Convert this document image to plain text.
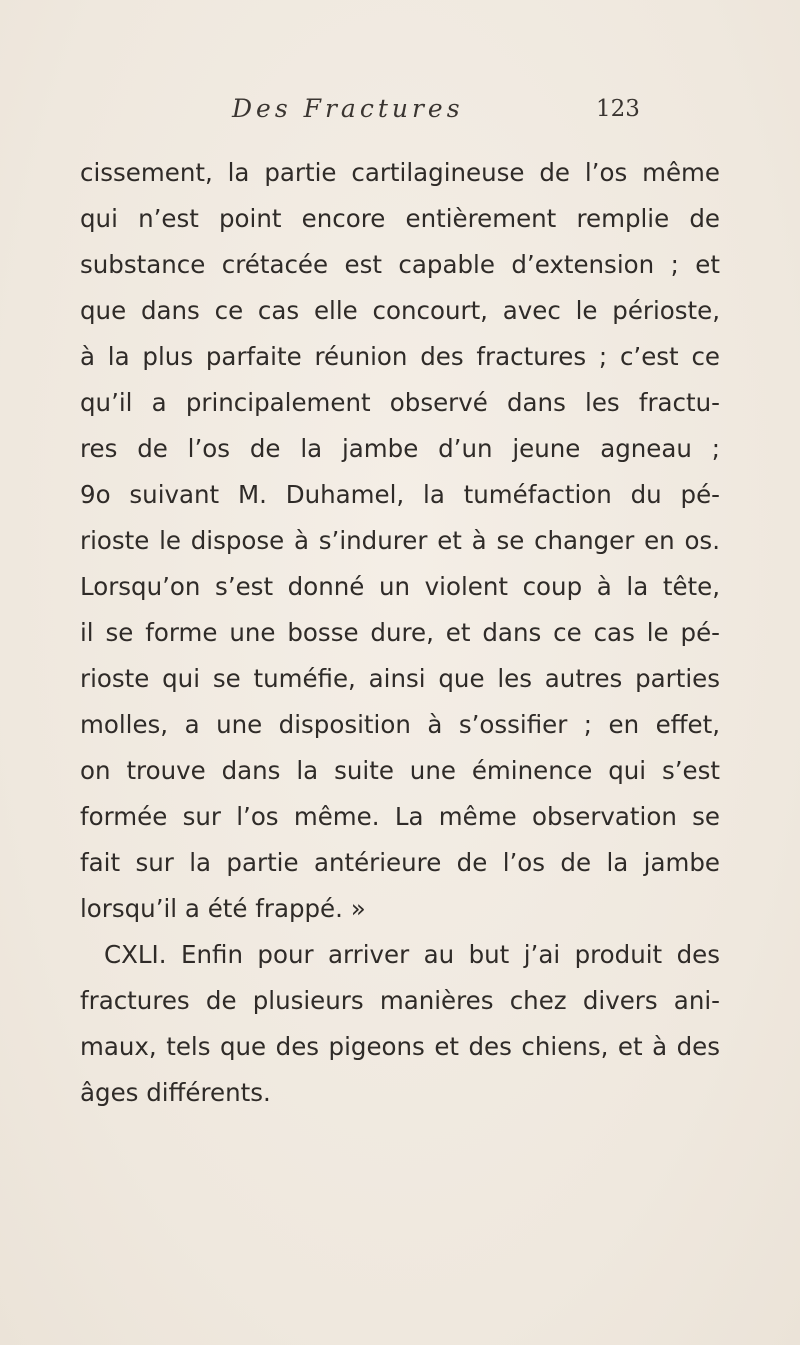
Des Fractures	123
cissement, la partie cartilagineuse de l’os même
qui n’est point encore entièrement remplie de
substance crétacée est capable d’extension ; et
que dans ce cas elle concourt, avec le périoste,
à la plus parfaite réunion des fractures ; c’est ce
qu’il a principalement observé dans les fractu-
res de l’os de la jambe d’un jeune agneau ;
9o suivant M. Duhamel, la tuméfaction du pé-
rioste le dispose à s’indurer et à se changer en os.
Lorsqu’on s’est donné un violent coup à la tête,
il se forme une bosse dure, et dans ce cas le pé-
rioste qui se tuméfie, ainsi que les autres parties
molles, a une disposition à s’ossifier ; en effet,
on trouve dans la suite une éminence qui s’est
formée sur l’os même. La même observation se
fait sur la partie antérieure de l’os de la jambe
lorsqu’il a été frappé. »
CXLI. Enfin pour arriver au but j’ai produit des
fractures de plusieurs manières chez divers ani-
maux, tels que des pigeons et des chiens, et à des
âges différents.
